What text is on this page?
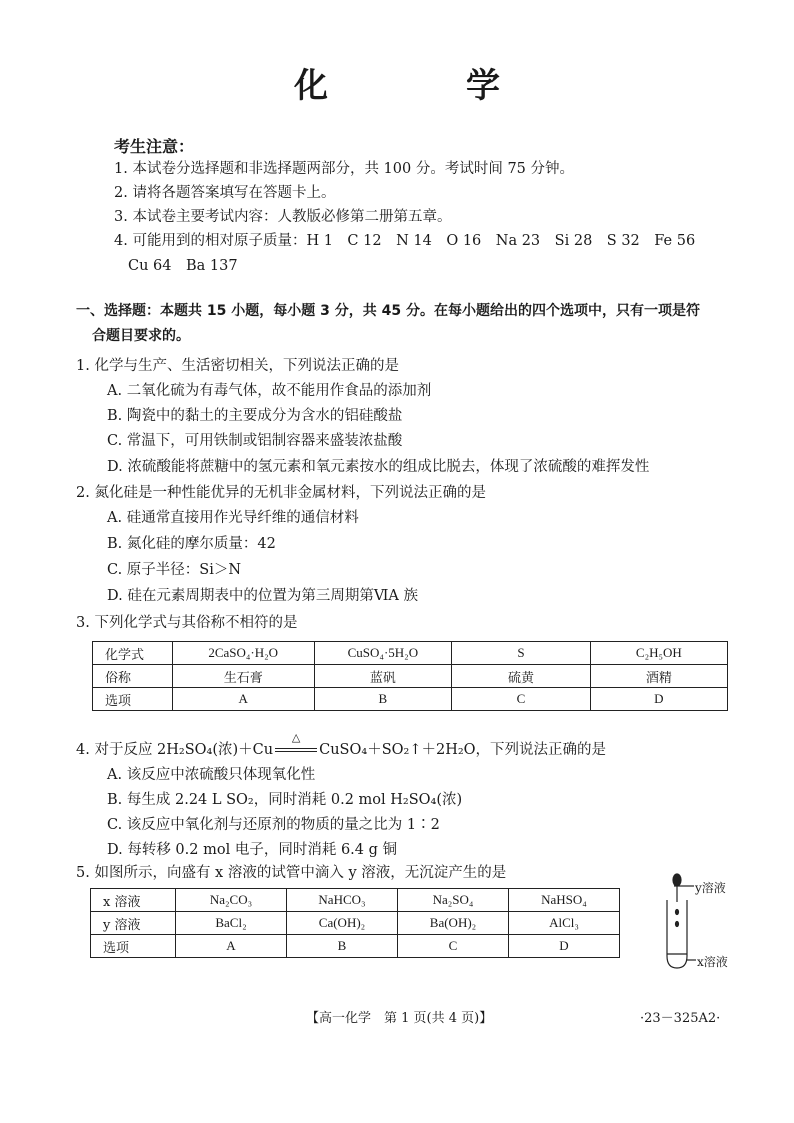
化　学
考生注意：
1. 本试卷分选择题和非选择题两部分，共 100 分。考试时间 75 分钟。
2. 请将各题答案填写在答题卡上。
3. 本试卷主要考试内容：人教版必修第二册第五章。
4. 可能用到的相对原子质量：H 1　C 12　N 14　O 16　Na 23　Si 28　S 32　Fe 56
Cu 64　Ba 137
一、选择题：本题共 15 小题，每小题 3 分，共 45 分。在每小题给出的四个选项中，只有一项是符
合题目要求的。
1. 化学与生产、生活密切相关，下列说法正确的是
A. 二氧化硫为有毒气体，故不能用作食品的添加剂
B. 陶瓷中的黏土的主要成分为含水的铝硅酸盐
C. 常温下，可用铁制或铝制容器来盛装浓盐酸
D. 浓硫酸能将蔗糖中的氢元素和氧元素按水的组成比脱去，体现了浓硫酸的难挥发性
2. 氮化硅是一种性能优异的无机非金属材料，下列说法正确的是
A. 硅通常直接用作光导纤维的通信材料
B. 氮化硅的摩尔质量：42
C. 原子半径：Si＞N
D. 硅在元素周期表中的位置为第三周期第ⅥA 族
3. 下列化学式与其俗称不相符的是
化学式	2CaSO₄·H₂O	CuSO₄·5H₂O	S	C₂H₅OH
俗称	生石膏	蓝矾	硫黄	酒精
选项	A	B	C	D
4. 对于反应 2H₂SO₄(浓)＋Cu
△
CuSO₄＋SO₂↑＋2H₂O，下列说法正确的是
A. 该反应中浓硫酸只体现氧化性
B. 每生成 2.24 L SO₂，同时消耗 0.2 mol H₂SO₄(浓)
C. 该反应中氧化剂与还原剂的物质的量之比为 1∶2
D. 每转移 0.2 mol 电子，同时消耗 6.4 g 铜
5. 如图所示，向盛有 x 溶液的试管中滴入 y 溶液，无沉淀产生的是
x 溶液	Na₂CO₃	NaHCO₃	Na₂SO₄	NaHSO₄
y 溶液	BaCl₂	Ca(OH)₂	Ba(OH)₂	AlCl₃
选项	A	B	C	D
y溶液
x溶液
【高一化学　第 1 页(共 4 页)】	·23－325A2·
